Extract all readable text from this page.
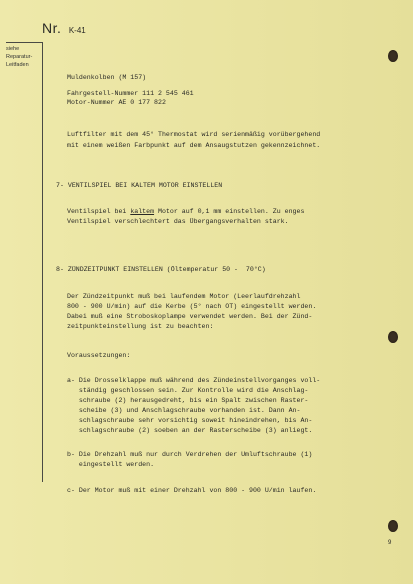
Nr. K-41
siehe
Reparatur-
Leitfaden

Muldenkolben (M 157)

Fahrgestell-Nummer 111 2 545 461

Motor-Nummer AE 0 177 822

Luftfilter mit dem 45° Thermostat wird serienmäßig vorübergehend

mit einem weißen Farbpunkt auf dem Ansaugstutzen gekennzeichnet.

7- VENTILSPIEL BEI KALTEM MOTOR EINSTELLEN

Ventilspiel bei kaltem Motor auf 0,1 mm einstellen. Zu enges

Ventilspiel verschlechtert das Übergangsverhalten stark.

8- ZÜNDZEITPUNKT EINSTELLEN (Öltemperatur 50 -  70°C)

Der Zündzeitpunkt muß bei laufendem Motor (Leerlaufdrehzahl

800 - 900 U/min) auf die Kerbe (5° nach OT) eingestellt werden.

Dabei muß eine Stroboskoplampe verwendet werden. Bei der Zünd-

zeitpunkteinstellung ist zu beachten:

Voraussetzungen:

a- Die Drosselklappe muß während des Zündeinstellvorganges voll-

ständig geschlossen sein. Zur Kontrolle wird die Anschlag-

schraube (2) herausgedreht, bis ein Spalt zwischen Raster-

scheibe (3) und Anschlagschraube vorhanden ist. Dann An-

schlagschraube sehr vorsichtig soweit hineindrehen, bis An-

schlagschraube (2) soeben an der Rasterscheibe (3) anliegt.

b- Die Drehzahl muß nur durch Verdrehen der Umluftschraube (1)

eingestellt werden.

c- Der Motor muß mit einer Drehzahl von 800 - 900 U/min laufen.

9
